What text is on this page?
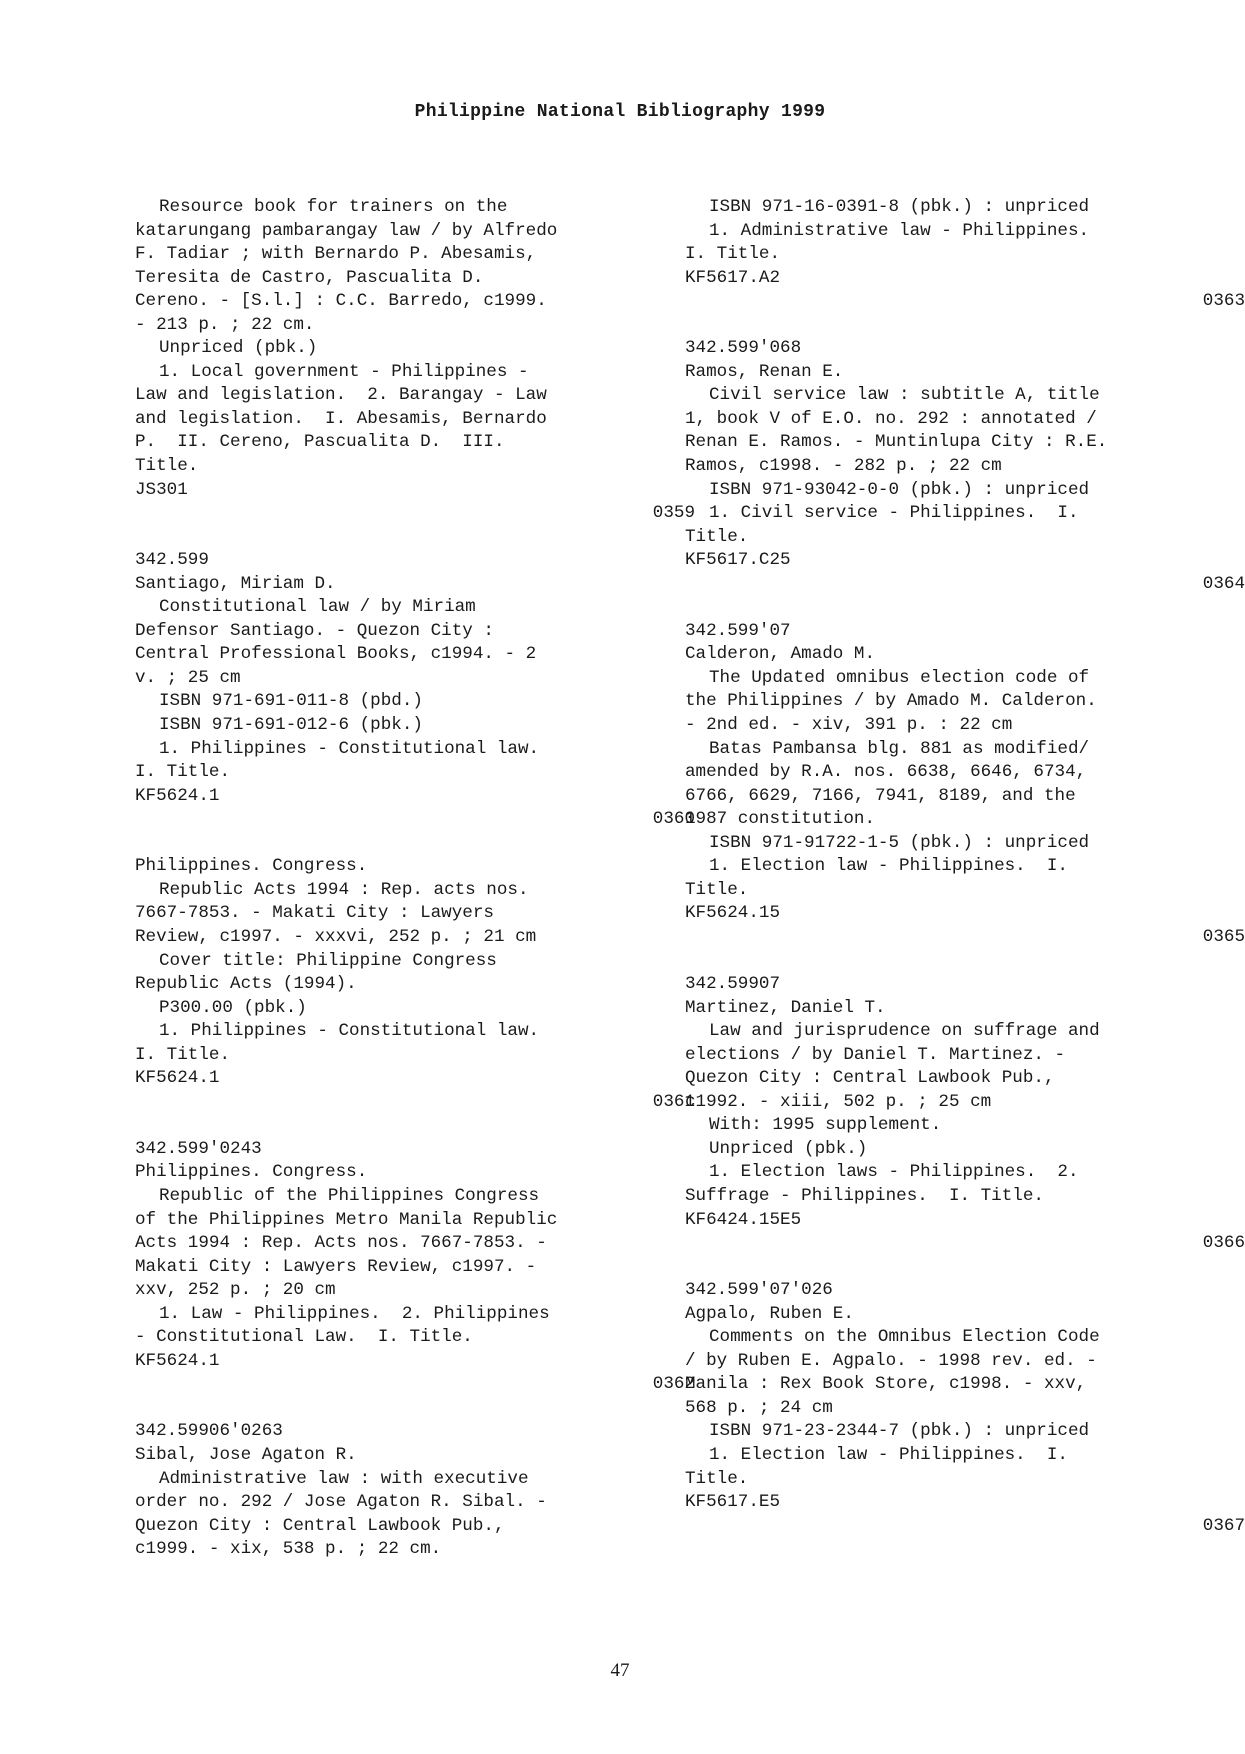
Philippine National Bibliography 1999
Resource book for trainers on the
katarungang pambarangay law / by Alfredo
F. Tadiar ; with Bernardo P. Abesamis,
Teresita de Castro, Pascualita D.
Cereno. - [S.l.] : C.C. Barredo, c1999.
- 213 p. ; 22 cm.
Unpriced (pbk.)
1. Local government - Philippines -
Law and legislation.  2. Barangay - Law
and legislation.  I. Abesamis, Bernardo
P.  II. Cereno, Pascualita D.  III.
Title.
JS301
0359
342.599
Santiago, Miriam D.
Constitutional law / by Miriam
Defensor Santiago. - Quezon City :
Central Professional Books, c1994. - 2
v. ; 25 cm
ISBN 971-691-011-8 (pbd.)
ISBN 971-691-012-6 (pbk.)
1. Philippines - Constitutional law.
I. Title.
KF5624.1
0360
Philippines. Congress.
Republic Acts 1994 : Rep. acts nos.
7667-7853. - Makati City : Lawyers
Review, c1997. - xxxvi, 252 p. ; 21 cm
Cover title: Philippine Congress
Republic Acts (1994).
P300.00 (pbk.)
1. Philippines - Constitutional law.
I. Title.
KF5624.1
0361
342.599'0243
Philippines. Congress.
Republic of the Philippines Congress
of the Philippines Metro Manila Republic
Acts 1994 : Rep. Acts nos. 7667-7853. -
Makati City : Lawyers Review, c1997. -
xxv, 252 p. ; 20 cm
1. Law - Philippines.  2. Philippines
- Constitutional Law.  I. Title.
KF5624.1
0362
342.59906'0263
Sibal, Jose Agaton R.
Administrative law : with executive
order no. 292 / Jose Agaton R. Sibal. -
Quezon City : Central Lawbook Pub.,
c1999. - xix, 538 p. ; 22 cm.
ISBN 971-16-0391-8 (pbk.) : unpriced
1. Administrative law - Philippines.
I. Title.
KF5617.A2
0363
342.599'068
Ramos, Renan E.
Civil service law : subtitle A, title
1, book V of E.O. no. 292 : annotated /
Renan E. Ramos. - Muntinlupa City : R.E.
Ramos, c1998. - 282 p. ; 22 cm
ISBN 971-93042-0-0 (pbk.) : unpriced
1. Civil service - Philippines.  I.
Title.
KF5617.C25
0364
342.599'07
Calderon, Amado M.
The Updated omnibus election code of
the Philippines / by Amado M. Calderon.
- 2nd ed. - xiv, 391 p. : 22 cm
Batas Pambansa blg. 881 as modified/
amended by R.A. nos. 6638, 6646, 6734,
6766, 6629, 7166, 7941, 8189, and the
1987 constitution.
ISBN 971-91722-1-5 (pbk.) : unpriced
1. Election law - Philippines.  I.
Title.
KF5624.15
0365
342.59907
Martinez, Daniel T.
Law and jurisprudence on suffrage and
elections / by Daniel T. Martinez. -
Quezon City : Central Lawbook Pub.,
c1992. - xiii, 502 p. ; 25 cm
With: 1995 supplement.
Unpriced (pbk.)
1. Election laws - Philippines.  2.
Suffrage - Philippines.  I. Title.
KF6424.15E5
0366
342.599'07'026
Agpalo, Ruben E.
Comments on the Omnibus Election Code
/ by Ruben E. Agpalo. - 1998 rev. ed. -
Manila : Rex Book Store, c1998. - xxv,
568 p. ; 24 cm
ISBN 971-23-2344-7 (pbk.) : unpriced
1. Election law - Philippines.  I.
Title.
KF5617.E5
0367
47
